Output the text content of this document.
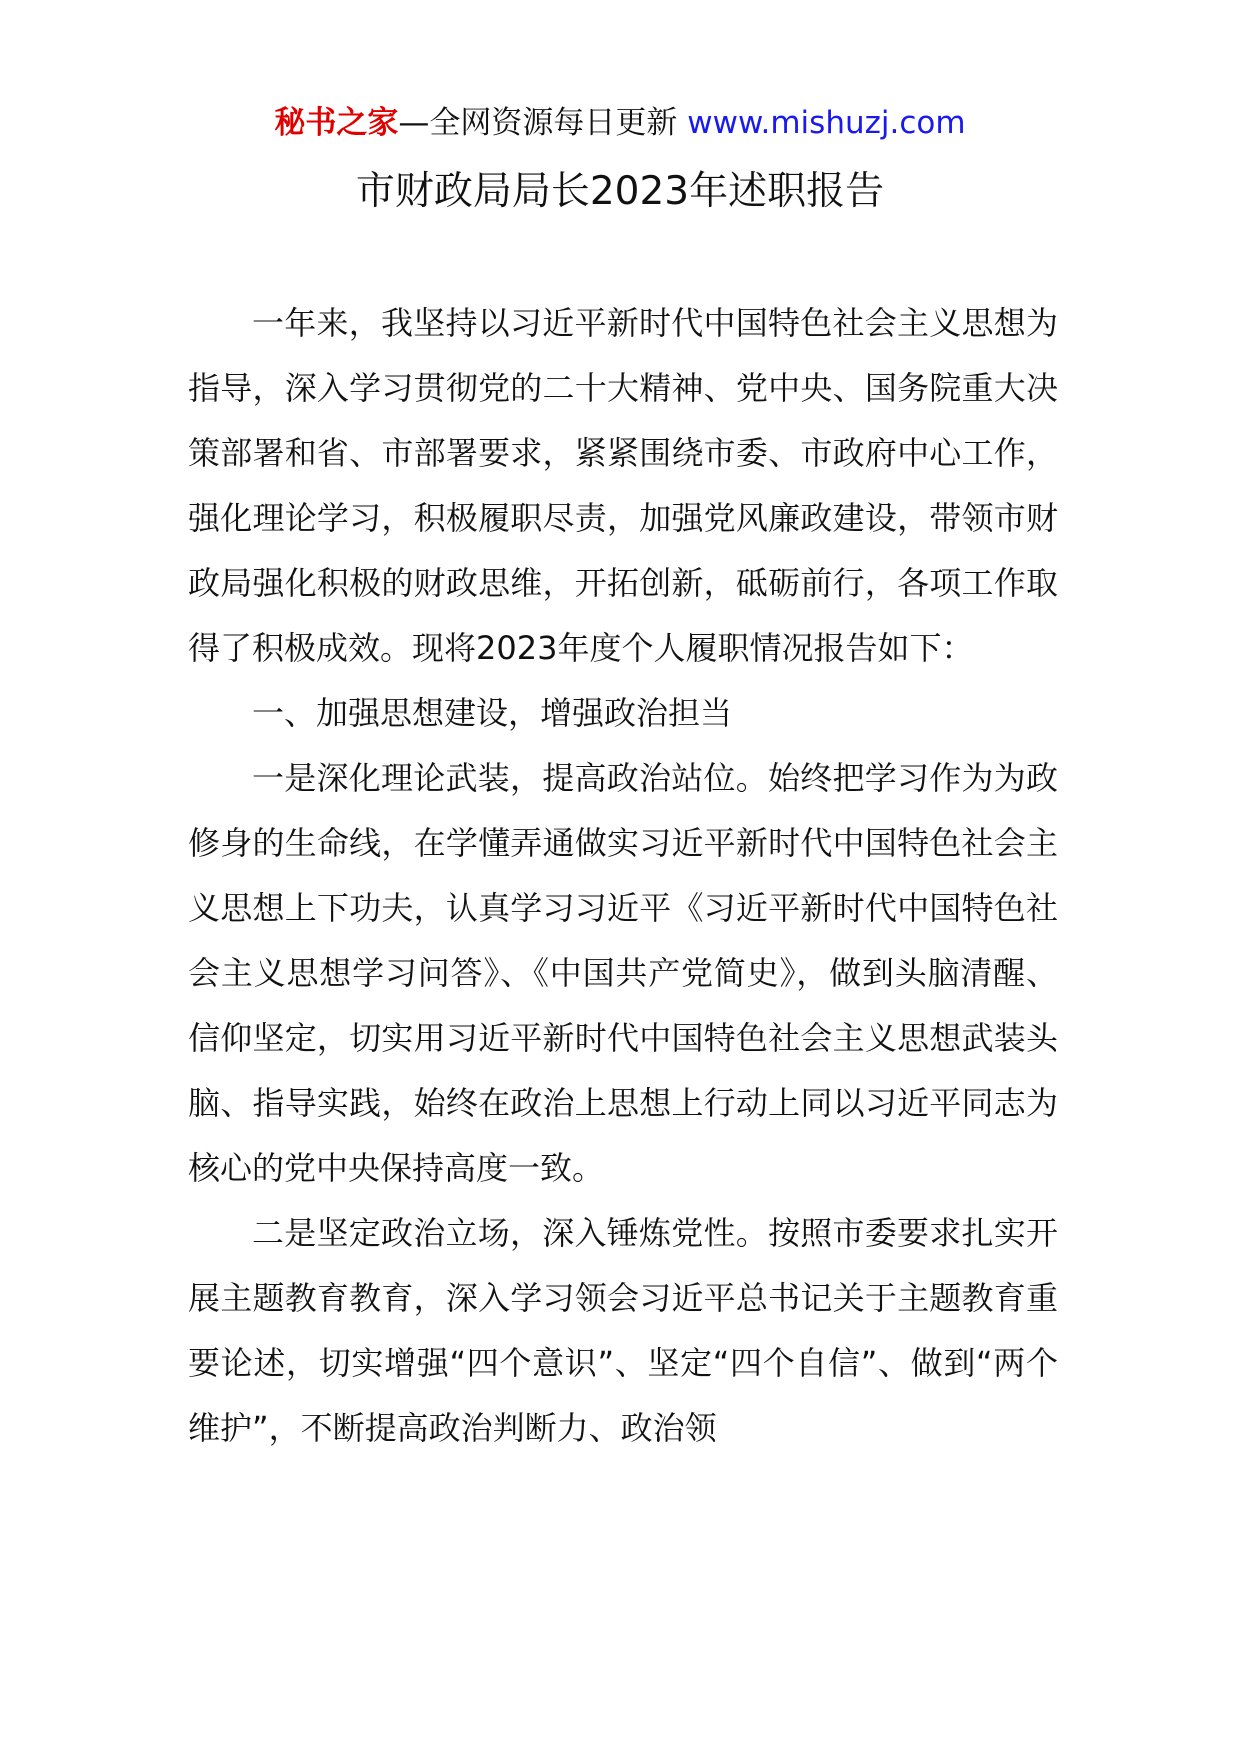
秘书之家—全网资源每日更新 www.mishuzj.com
市财政局局长2023年述职报告

一年来，我坚持以习近平新时代中国特色社会主义思想为指导，深入学习贯彻党的二十大精神、党中央、国务院重大决策部署和省、市部署要求，紧紧围绕市委、市政府中心工作，强化理论学习，积极履职尽责，加强党风廉政建设，带领市财政局强化积极的财政思维，开拓创新，砥砺前行，各项工作取得了积极成效。现将2023年度个人履职情况报告如下：

一、加强思想建设，增强政治担当

一是深化理论武装，提高政治站位。始终把学习作为为政修身的生命线，在学懂弄通做实习近平新时代中国特色社会主义思想上下功夫，认真学习习近平《习近平新时代中国特色社会主义思想学习问答》、《中国共产党简史》，做到头脑清醒、信仰坚定，切实用习近平新时代中国特色社会主义思想武装头脑、指导实践，始终在政治上思想上行动上同以习近平同志为核心的党中央保持高度一致。

二是坚定政治立场，深入锤炼党性。按照市委要求扎实开展主题教育教育，深入学习领会习近平总书记关于主题教育重要论述，切实增强“四个意识”、坚定“四个自信”、做到“两个维护”，不断提高政治判断力、政治领
